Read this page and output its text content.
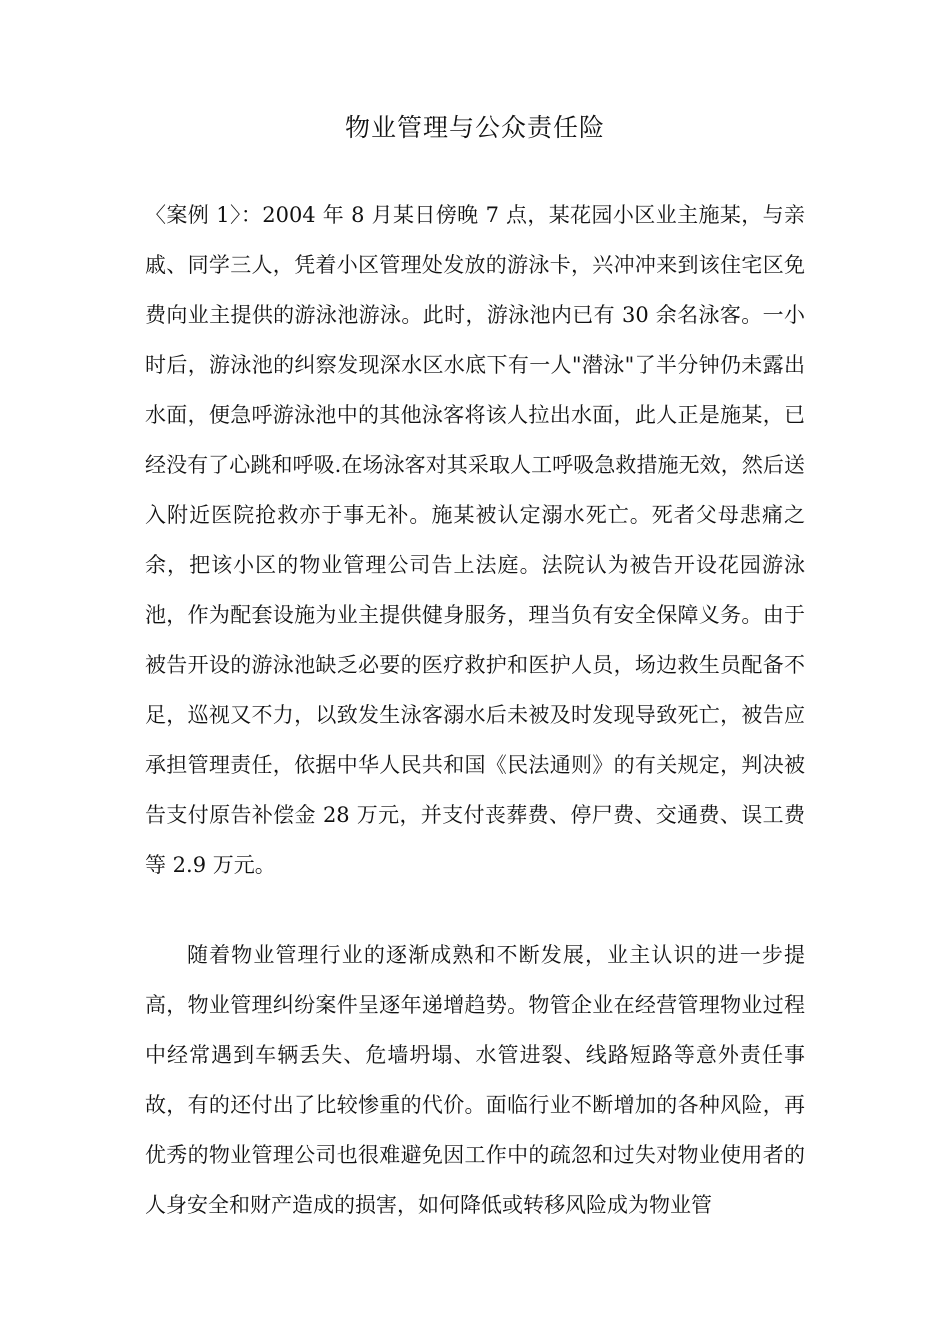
物业管理与公众责任险
〈案例 1〉：2004 年 8 月某日傍晚 7 点，某花园小区业主施某，与亲戚、同学三人，凭着小区管理处发放的游泳卡，兴冲冲来到该住宅区免费向业主提供的游泳池游泳。此时，游泳池内已有 30 余名泳客。一小时后，游泳池的纠察发现深水区水底下有一人"潜泳"了半分钟仍未露出水面，便急呼游泳池中的其他泳客将该人拉出水面，此人正是施某，已经没有了心跳和呼吸.在场泳客对其采取人工呼吸急救措施无效，然后送入附近医院抢救亦于事无补。施某被认定溺水死亡。死者父母悲痛之余，把该小区的物业管理公司告上法庭。法院认为被告开设花园游泳池，作为配套设施为业主提供健身服务，理当负有安全保障义务。由于被告开设的游泳池缺乏必要的医疗救护和医护人员，场边救生员配备不足，巡视又不力，以致发生泳客溺水后未被及时发现导致死亡，被告应承担管理责任，依据中华人民共和国《民法通则》的有关规定，判决被告支付原告补偿金 28 万元，并支付丧葬费、停尸费、交通费、误工费等 2.9 万元。
随着物业管理行业的逐渐成熟和不断发展，业主认识的进一步提高，物业管理纠纷案件呈逐年递增趋势。物管企业在经营管理物业过程中经常遇到车辆丢失、危墙坍塌、水管进裂、线路短路等意外责任事故，有的还付出了比较惨重的代价。面临行业不断增加的各种风险，再优秀的物业管理公司也很难避免因工作中的疏忽和过失对物业使用者的人身安全和财产造成的损害，如何降低或转移风险成为物业管
